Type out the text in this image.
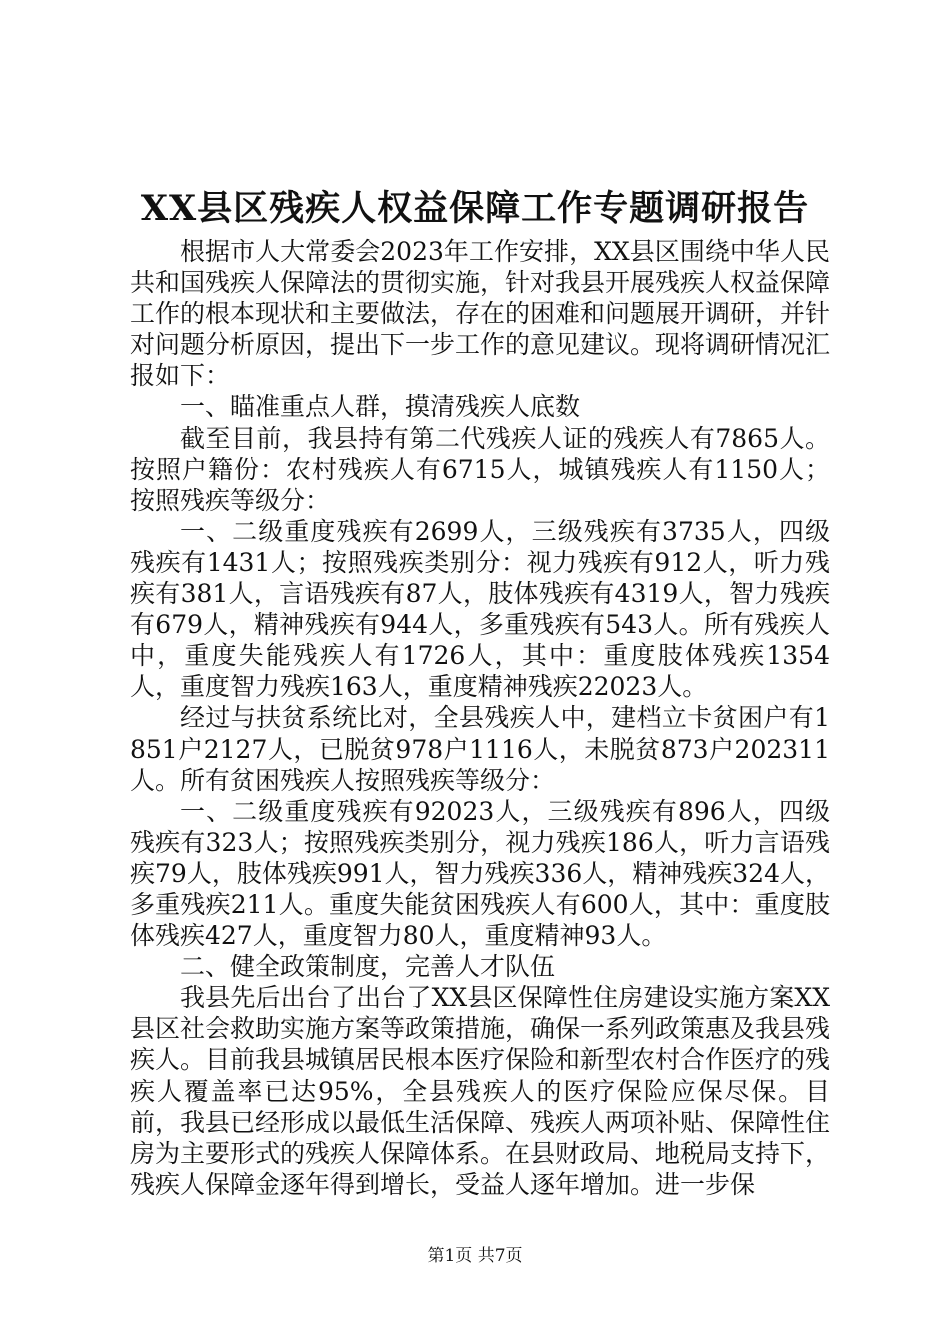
XX县区残疾人权益保障工作专题调研报告

根据市人大常委会2023年工作安排，XX县区围绕中华人民共和国残疾人保障法的贯彻实施，针对我县开展残疾人权益保障工作的根本现状和主要做法，存在的困难和问题展开调研，并针对问题分析原因，提出下一步工作的意见建议。现将调研情况汇报如下：

一、瞄准重点人群，摸清残疾人底数

截至目前，我县持有第二代残疾人证的残疾人有7865人。按照户籍份：农村残疾人有6715人，城镇残疾人有1150人；按照残疾等级分：

一、二级重度残疾有2699人，三级残疾有3735人，四级残疾有1431人；按照残疾类别分：视力残疾有912人，听力残疾有381人，言语残疾有87人，肢体残疾有4319人，智力残疾有679人，精神残疾有944人，多重残疾有543人。所有残疾人中，重度失能残疾人有1726人，其中：重度肢体残疾1354人，重度智力残疾163人，重度精神残疾22023人。

经过与扶贫系统比对，全县残疾人中，建档立卡贫困户有1851户2127人，已脱贫978户1116人，未脱贫873户202311人。所有贫困残疾人按照残疾等级分：

一、二级重度残疾有92023人，三级残疾有896人，四级残疾有323人；按照残疾类别分，视力残疾186人，听力言语残疾79人，肢体残疾991人，智力残疾336人，精神残疾324人，多重残疾211人。重度失能贫困残疾人有600人，其中：重度肢体残疾427人，重度智力80人，重度精神93人。

二、健全政策制度，完善人才队伍

我县先后出台了出台了XX县区保障性住房建设实施方案XX县区社会救助实施方案等政策措施，确保一系列政策惠及我县残疾人。目前我县城镇居民根本医疗保险和新型农村合作医疗的残疾人覆盖率已达95%，全县残疾人的医疗保险应保尽保。目前，我县已经形成以最低生活保障、残疾人两项补贴、保障性住房为主要形式的残疾人保障体系。在县财政局、地税局支持下，残疾人保障金逐年得到增长，受益人逐年增加。进一步保

第1页 共7页
